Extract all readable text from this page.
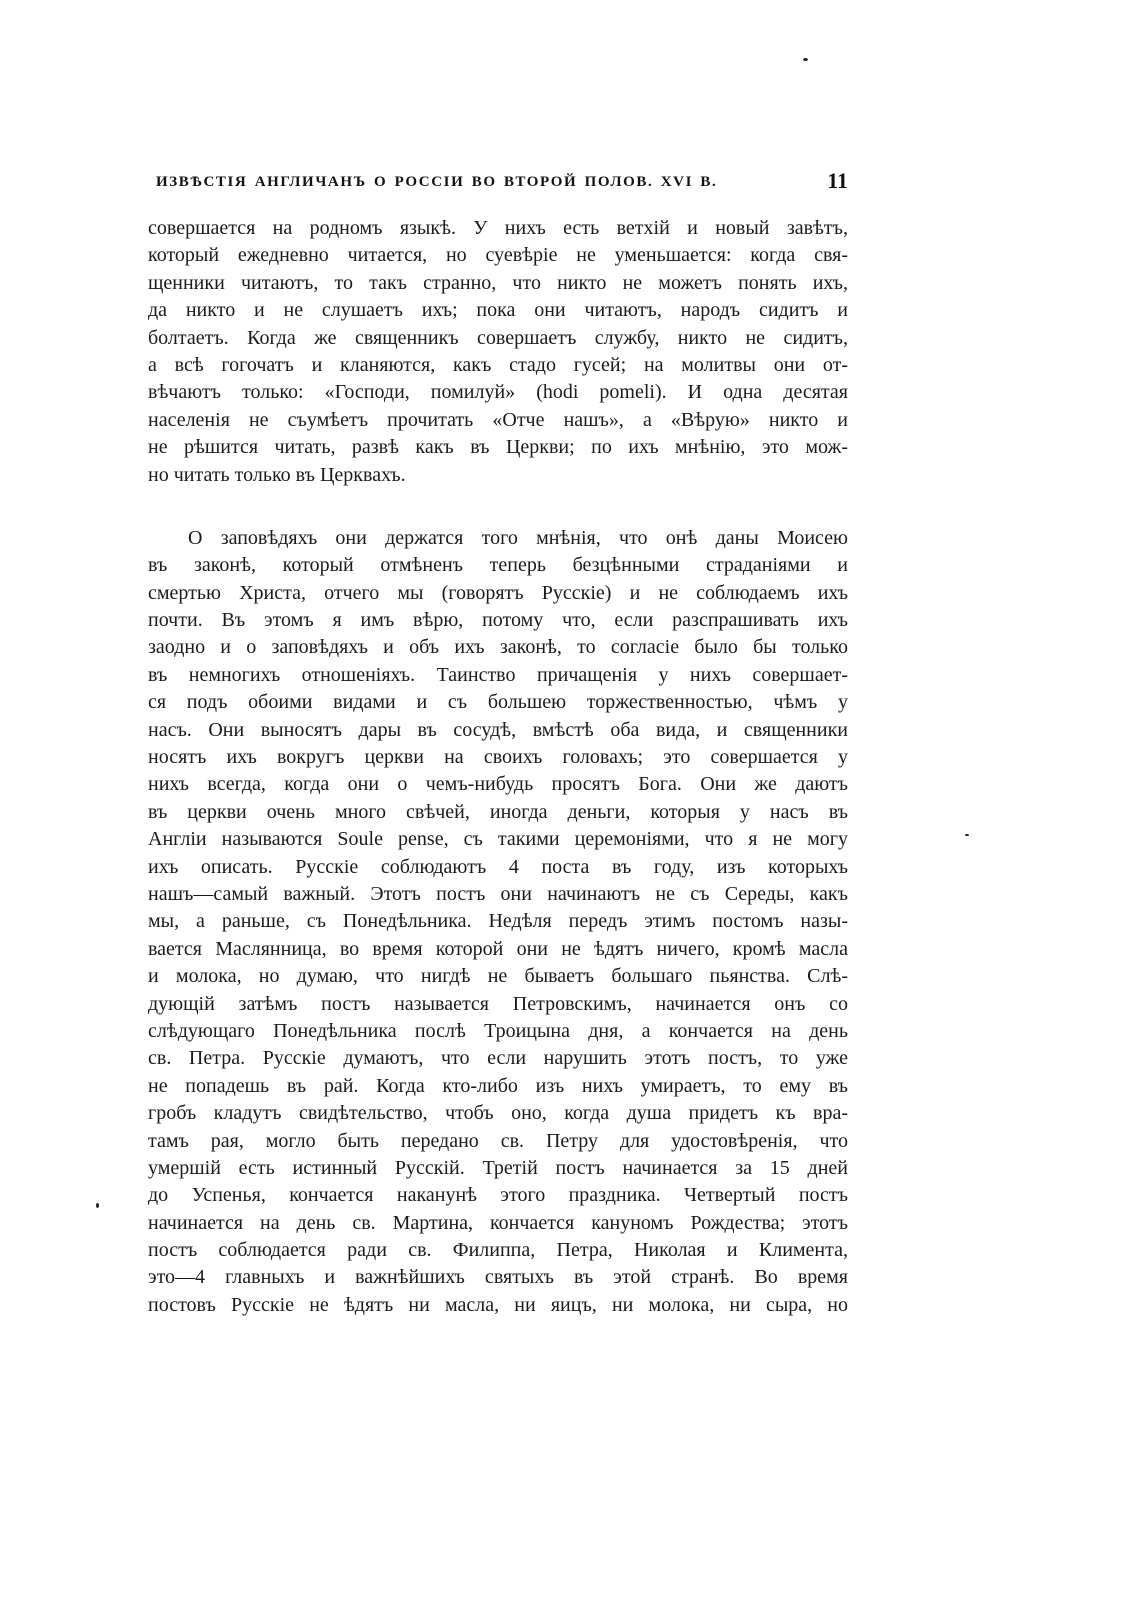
ИЗВѢСТІЯ АНГЛИЧАНЪ О РОССІИ ВО ВТОРОЙ ПОЛОВ. XVI В.	11
совершается на родномъ языкѣ. У нихъ есть ветхій и новый завѣтъ,
который ежедневно читается, но суевѣріе не уменьшается: когда свя-
щенники читаютъ, то такъ странно, что никто не можетъ понять ихъ,
да никто и не слушаетъ ихъ; пока они читаютъ, народъ сидитъ и
болтаетъ. Когда же священникъ совершаетъ службу, никто не сидитъ,
а всѣ гогочатъ и кланяются, какъ стадо гусей; на молитвы они от-
вѣчаютъ только: «Господи, помилуй» (hodi pomeli). И одна десятая
населенія не съумѣетъ прочитать «Отче нашъ», а «Вѣрую» никто и
не рѣшится читать, развѣ какъ въ Церкви; по ихъ мнѣнію, это мож-
но читать только въ Церквахъ.
О заповѣдяхъ они держатся того мнѣнія, что онѣ даны Моисею
въ законѣ, который отмѣненъ теперь безцѣнными страданіями и
смертью Христа, отчего мы (говорятъ Русскіе) и не соблюдаемъ ихъ
почти. Въ этомъ я имъ вѣрю, потому что, если разспрашивать ихъ
заодно и о заповѣдяхъ и объ ихъ законѣ, то согласіе было бы только
въ немногихъ отношеніяхъ. Таинство причащенія у нихъ совершает-
ся подъ обоими видами и съ большею торжественностью, чѣмъ у
насъ. Они выносятъ дары въ сосудѣ, вмѣстѣ оба вида, и священники
носятъ ихъ вокругъ церкви на своихъ головахъ; это совершается у
нихъ всегда, когда они о чемъ-нибудь просятъ Бога. Они же даютъ
въ церкви очень много свѣчей, иногда деньги, которыя у насъ въ
Англіи называются Soule pense, съ такими церемоніями, что я не могу
ихъ описать. Русскіе соблюдаютъ 4 поста въ году, изъ которыхъ
нашъ—самый важный. Этотъ постъ они начинаютъ не съ Середы, какъ
мы, а раньше, съ Понедѣльника. Недѣля передъ этимъ постомъ назы-
вается Маслянница, во время которой они не ѣдятъ ничего, кромѣ масла
и молока, но думаю, что нигдѣ не бываетъ большаго пьянства. Слѣ-
дующій затѣмъ постъ называется Петровскимъ, начинается онъ со
слѣдующаго Понедѣльника послѣ Троицына дня, а кончается на день
св. Петра. Русскіе думаютъ, что если нарушить этотъ постъ, то уже
не попадешь въ рай. Когда кто-либо изъ нихъ умираетъ, то ему въ
гробъ кладутъ свидѣтельство, чтобъ оно, когда душа придетъ къ вра-
тамъ рая, могло быть передано св. Петру для удостовѣренія, что
умершій есть истинный Русскій. Третій постъ начинается за 15 дней
до Успенья, кончается наканунѣ этого праздника. Четвертый постъ
начинается на день св. Мартина, кончается кануномъ Рождества; этотъ
постъ соблюдается ради св. Филиппа, Петра, Николая и Климента,
это—4 главныхъ и важнѣйшихъ святыхъ въ этой странѣ. Во время
постовъ Русскіе не ѣдятъ ни масла, ни яицъ, ни молока, ни сыра, но
